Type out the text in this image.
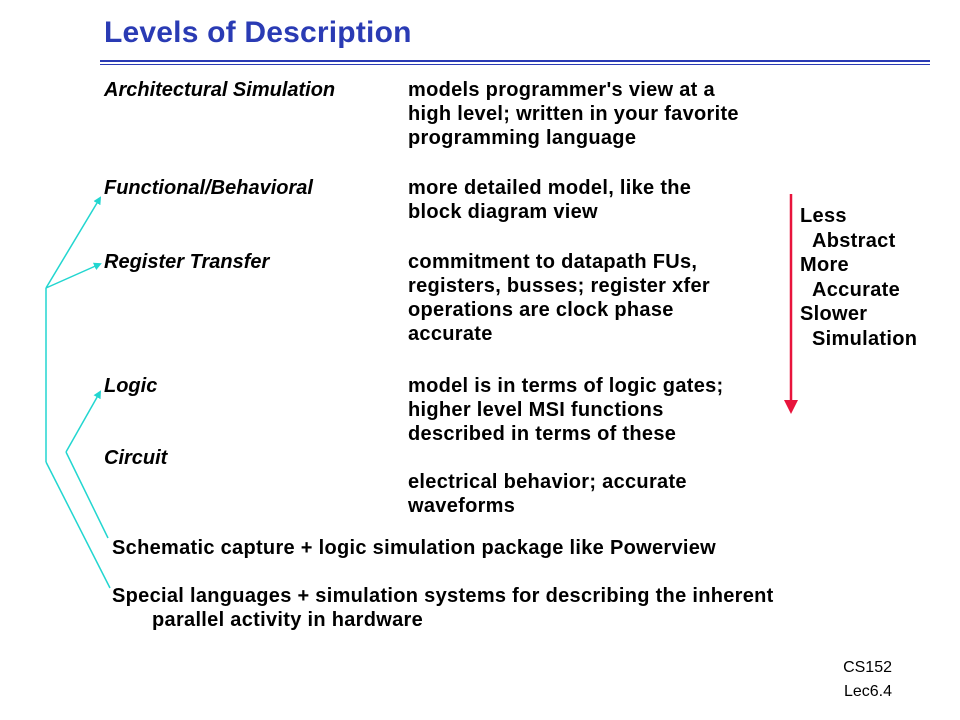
Levels of Description
Architectural Simulation
Functional/Behavioral
Register Transfer
Logic
Circuit
models programmer's view at a
high level; written in your favorite
programming language
more detailed model, like the
block diagram view
commitment to datapath FUs,
registers, busses; register xfer
operations are clock phase
accurate
model is in terms of logic gates;
higher level MSI functions
described in terms of these
electrical behavior; accurate
waveforms
Less
Abstract
More
Accurate
Slower
Simulation
Schematic capture + logic simulation package like Powerview
Special languages + simulation systems for describing the inherent
parallel activity in hardware
CS152
Lec6.4
